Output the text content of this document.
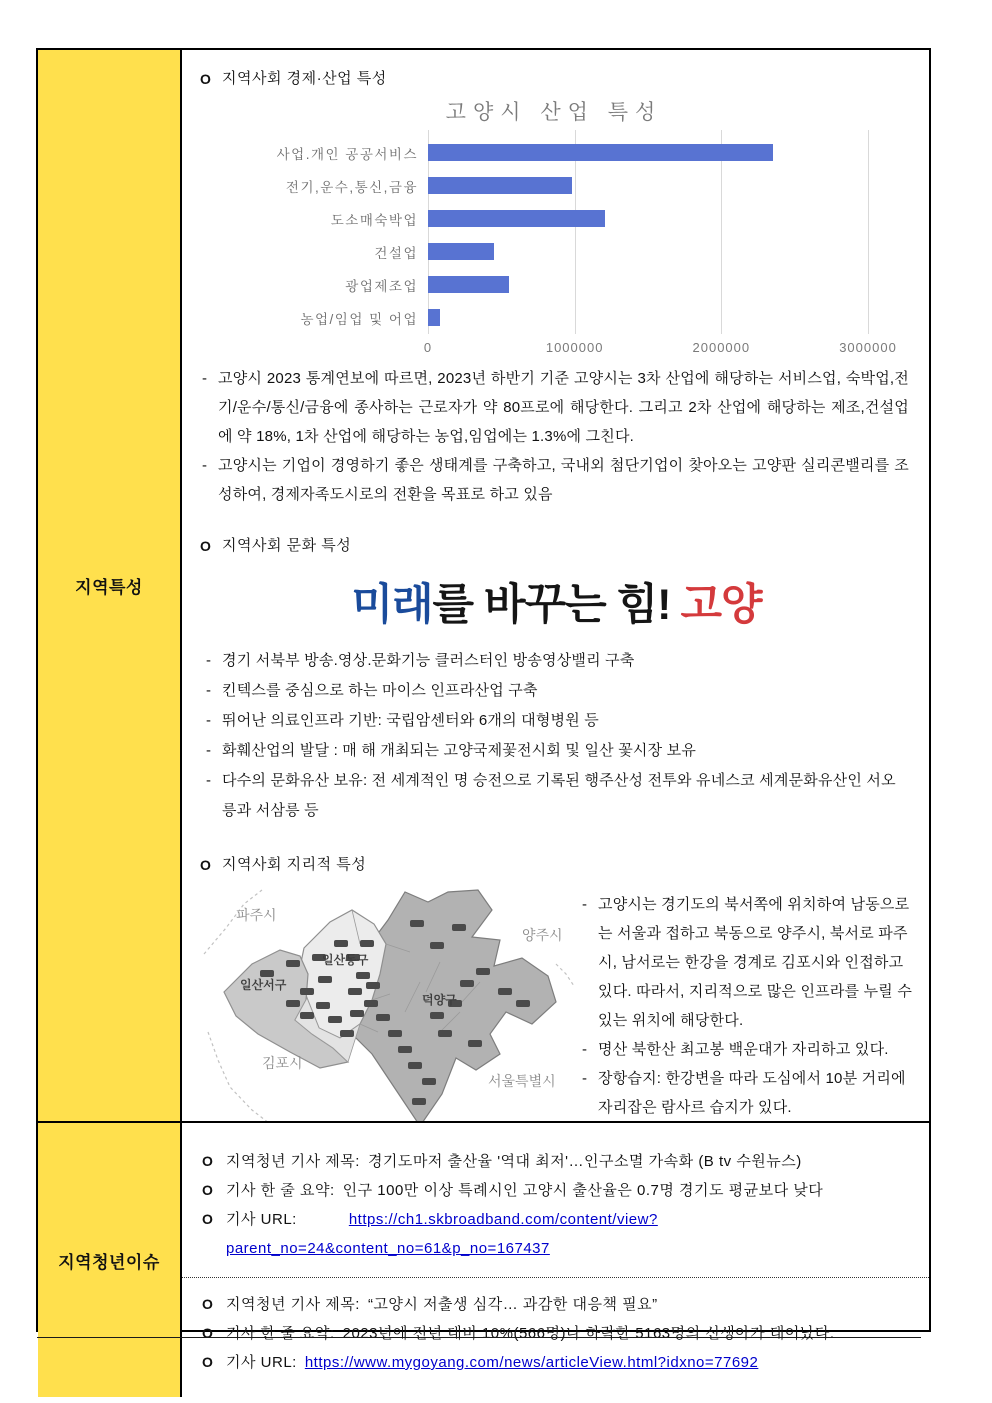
지역특성
O 지역사회 경제·산업 특성
고양시 산업 특성
사업.개인 공공서비스
전기,운수,통신,금융
도소매숙박업
건설업
광업제조업
농업/임업 및 어업
0	1000000	2000000	3000000
- 고양시 2023 통계연보에 따르면, 2023년 하반기 기준 고양시는 3차 산업에 해당하는 서비스업, 숙박업,전기/운수/통신/금융에 종사하는 근로자가 약 80프로에 해당한다. 그리고 2차 산업에 해당하는 제조,건설업에 약 18%, 1차 산업에 해당하는 농업,임업에는 1.3%에 그친다.
- 고양시는 기업이 경영하기 좋은 생태계를 구축하고, 국내외 첨단기업이 찾아오는 고양판 실리콘밸리를 조성하여, 경제자족도시로의 전환을 목표로 하고 있음
O 지역사회 문화 특성
미래를 바꾸는 힘! 고양
- 경기 서북부 방송.영상.문화기능 클러스터인 방송영상밸리 구축
- 킨텍스를 중심으로 하는 마이스 인프라산업 구축
- 뛰어난 의료인프라 기반: 국립암센터와 6개의 대형병원 등
- 화훼산업의 발달 : 매 해 개최되는 고양국제꽃전시회 및 일산 꽃시장 보유
- 다수의 문화유산 보유: 전 세계적인 명 승전으로 기록된 행주산성 전투와 유네스코 세계문화유산인 서오릉과 서삼릉 등
O 지역사회 지리적 특성
파주시
양주시
김포시
서울특별시
일산서구
일산동구
덕양구
- 고양시는 경기도의 북서쪽에 위치하여 남동으로는 서울과 접하고 북동으로 양주시, 북서로 파주시, 남서로는 한강을 경계로 김포시와 인접하고 있다. 따라서, 지리적으로 많은 인프라를 누릴 수 있는 위치에 해당한다.
- 명산 북한산 최고봉 백운대가 자리하고 있다.
- 장항습지: 한강변을 따라 도심에서 10분 거리에 자리잡은 람사르 습지가 있다.
지역청년이슈
O 지역청년 기사 제목: 경기도마저 출산율 '역대 최저'…인구소멸 가속화 (B tv 수원뉴스)
O 기사 한 줄 요약: 인구 100만 이상 특례시인 고양시 출산율은 0.7명 경기도 평균보다 낮다
O 기사 URL:	https://ch1.skbroadband.com/content/view?parent_no=24&content_no=61&p_no=167437
O 지역청년 기사 제목: “고양시 저출생 심각… 과감한 대응책 필요”
O 기사 한 줄 요약: 2023년에 전년 대비 10%(566명)나 하락한 5163명의 신생아가 태어났다.
O 기사 URL: https://www.mygoyang.com/news/articleView.html?idxno=77692
